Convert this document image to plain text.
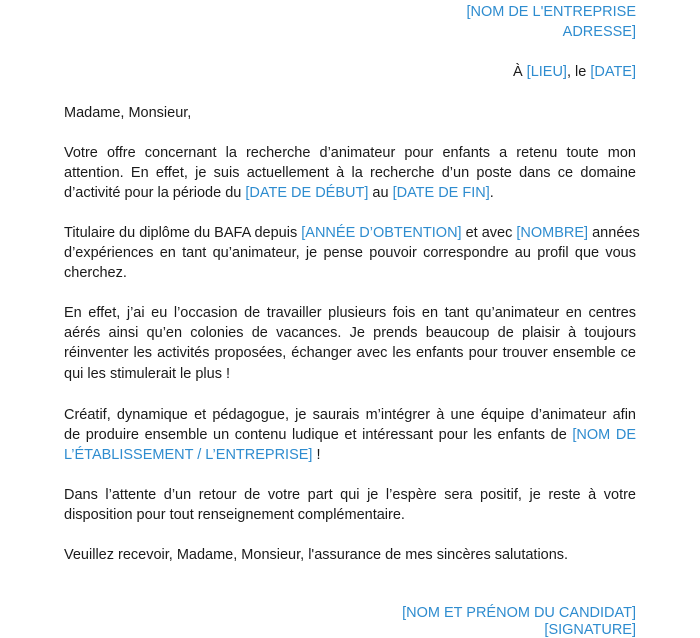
[NOM DE L'ENTREPRISE
ADRESSE]
À [LIEU], le [DATE]
Madame, Monsieur,
Votre offre concernant la recherche d’animateur pour enfants a retenu toute mon
attention. En effet, je suis actuellement à la recherche d’un poste dans ce domaine
d’activité pour la période du [DATE DE DÉBUT] au [DATE DE FIN].
Titulaire du diplôme du BAFA depuis [ANNÉE D’OBTENTION] et avec [NOMBRE] années
d’expériences en tant qu’animateur, je pense pouvoir correspondre au profil que vous
cherchez.
En effet, j’ai eu l’occasion de travailler plusieurs fois en tant qu’animateur en centres
aérés ainsi qu’en colonies de vacances. Je prends beaucoup de plaisir à toujours
réinventer les activités proposées, échanger avec les enfants pour trouver ensemble ce
qui les stimulerait le plus !
Créatif, dynamique et pédagogue, je saurais m’intégrer à une équipe d’animateur afin
de produire ensemble un contenu ludique et intéressant pour les enfants de [NOM DE
L’ÉTABLISSEMENT / L’ENTREPRISE] !
Dans l’attente d’un retour de votre part qui je l’espère sera positif, je reste à votre
disposition pour tout renseignement complémentaire.
Veuillez recevoir, Madame, Monsieur, l'assurance de mes sincères salutations.
[NOM ET PRÉNOM DU CANDIDAT]
[SIGNATURE]
